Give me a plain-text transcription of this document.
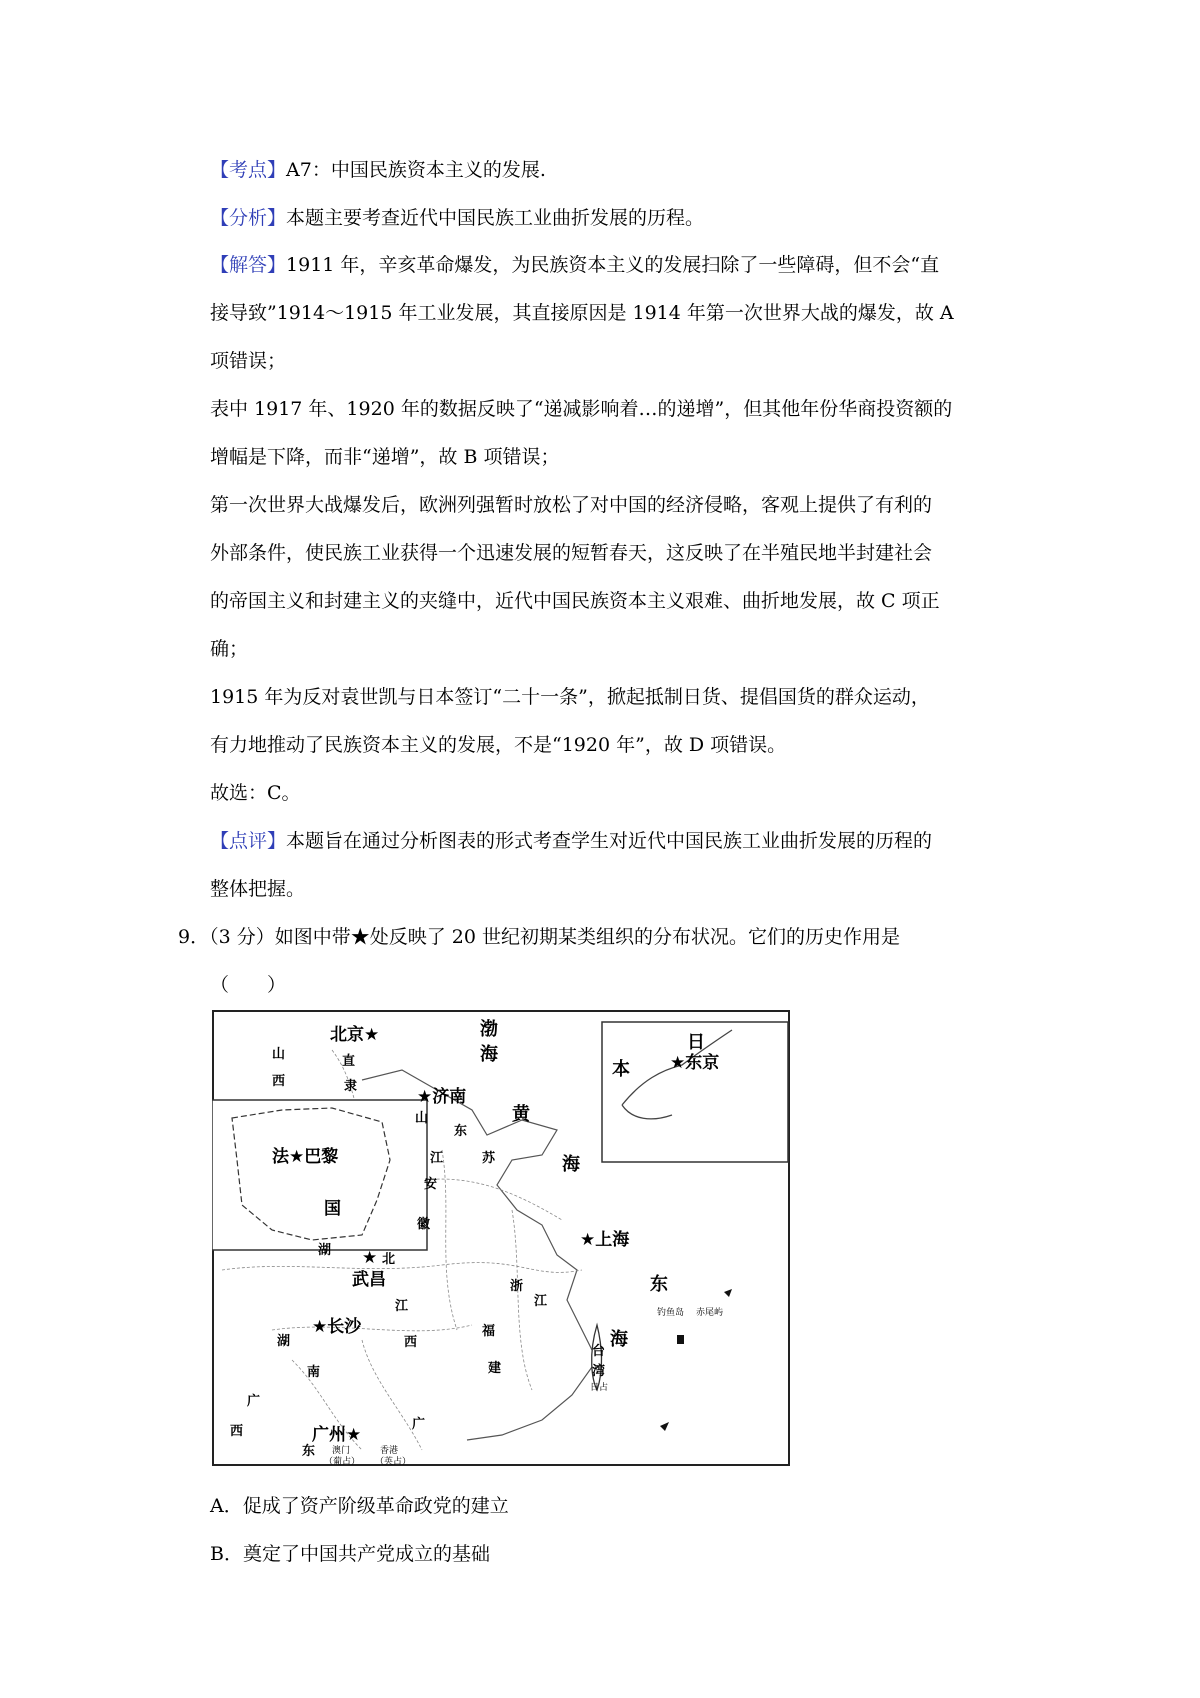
【考点】A7：中国民族资本主义的发展.
【分析】本题主要考查近代中国民族工业曲折发展的历程。
【解答】1911 年，辛亥革命爆发，为民族资本主义的发展扫除了一些障碍，但不会“直
接导致”1914～1915 年工业发展，其直接原因是 1914 年第一次世界大战的爆发，故 A
项错误；
表中 1917 年、1920 年的数据反映了“递减影响着…的递增”，但其他年份华商投资额的
增幅是下降，而非“递增”，故 B 项错误；
第一次世界大战爆发后，欧洲列强暂时放松了对中国的经济侵略，客观上提供了有利的
外部条件，使民族工业获得一个迅速发展的短暂春天，这反映了在半殖民地半封建社会
的帝国主义和封建主义的夹缝中，近代中国民族资本主义艰难、曲折地发展，故 C 项正
确；
1915 年为反对袁世凯与日本签订“二十一条”，掀起抵制日货、提倡国货的群众运动，
有力地推动了民族资本主义的发展，不是“1920 年”，故 D 项错误。
故选：C。
【点评】本题旨在通过分析图表的形式考查学生对近代中国民族工业曲折发展的历程的
整体把握。
9．（3 分）如图中带★处反映了 20 世纪初期某类组织的分布状况。它们的历史作用是
（　　）
北京★
★济南
法★巴黎
国
★上海
★
武昌
★长沙
广州★
★东京
日
本
渤
海
黄
海
东
海
山
西
直
隶
山
东
江	苏
安
徽
湖
北
湖
南
江
西
浙
江
福
建
广
西	广
东
台
湾
日占
钓鱼岛 赤尾屿
澳门
（葡占）
香港
（英占）
A．促成了资产阶级革命政党的建立
B．奠定了中国共产党成立的基础
